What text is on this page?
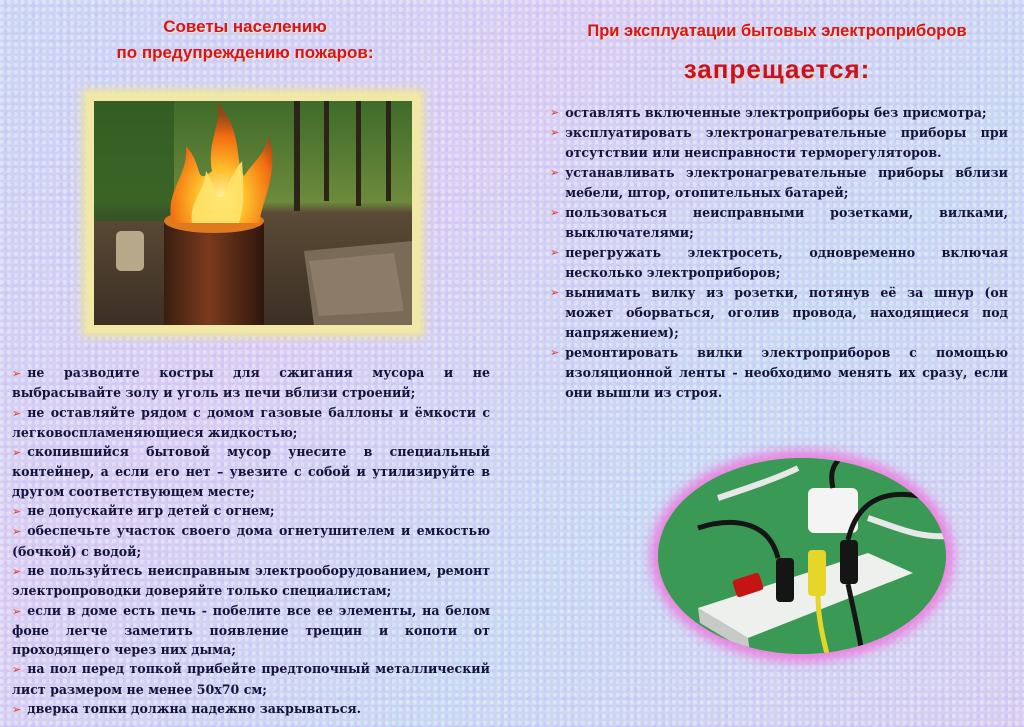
Советы населению
по предупреждению пожаров:
➢ не разводите костры для сжигания мусора и не выбрасывайте золу и уголь из печи вблизи строений;
➢ не оставляйте рядом с домом газовые баллоны и ёмкости с легковоспламеняющиеся жидкостью;
➢ скопившийся бытовой мусор унесите в специальный контейнер, а если его нет – увезите с собой и утилизируйте в другом соответствующем месте;
➢ не допускайте игр детей с огнем;
➢ обеспечьте участок своего дома огнетушителем и емкостью (бочкой) с водой;
➢ не пользуйтесь неисправным электрооборудованием, ремонт электропроводки доверяйте только специалистам;
➢ если в доме есть печь - побелите все ее элементы, на белом фоне легче заметить появление трещин и копоти от проходящего через них дыма;
➢ на пол перед топкой прибейте предтопочный металлический лист размером не менее 50х70 см;
➢ дверка топки должна надежно закрываться.
При эксплуатации бытовых электроприборов
запрещается:
➢ оставлять включенные электроприборы без присмотра;
➢ эксплуатировать электронагревательные приборы при отсутствии или неисправности терморегуляторов.
➢ устанавливать электронагревательные приборы вблизи мебели, штор, отопительных батарей;
➢ пользоваться неисправными розетками, вилками, выключателями;
➢ перегружать электросеть, одновременно включая несколько электроприборов;
➢ вынимать вилку из розетки, потянув её за шнур (он может оборваться, оголив провода, находящиеся под напряжением);
➢ ремонтировать вилки электроприборов с помощью изоляционной ленты - необходимо менять их сразу, если они вышли из строя.
